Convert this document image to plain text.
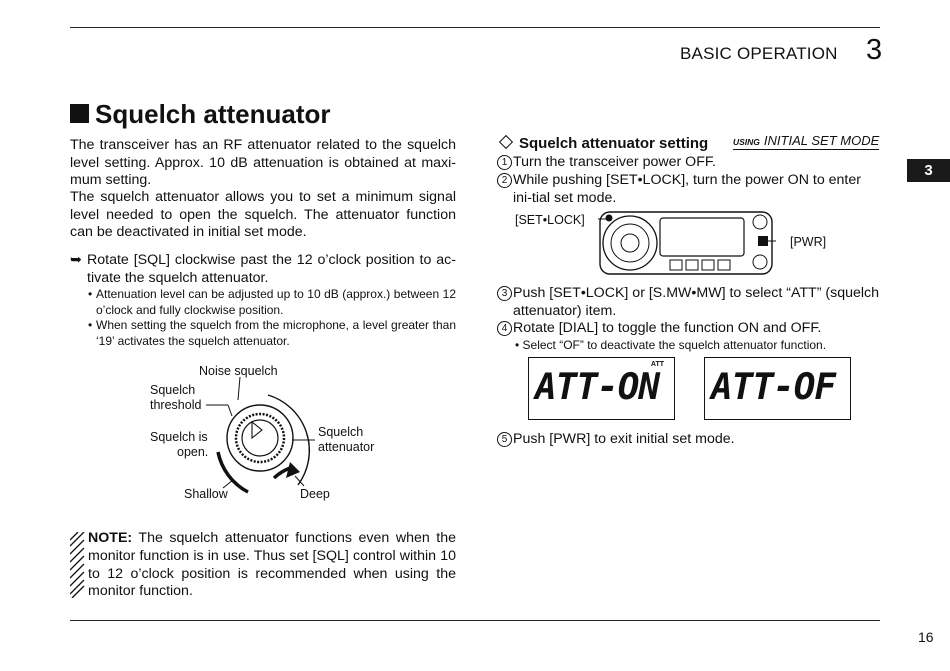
BASIC OPERATION 3
3
Squelch attenuator
The transceiver has an RF attenuator related to the squelch level setting. Approx. 10 dB attenuation is obtained at maxi-mum setting.
The squelch attenuator allows you to set a minimum signal level needed to open the squelch. The attenuator function can be deactivated in initial set mode.
➥ Rotate [SQL] clockwise past the 12 o’clock position to ac-tivate the squelch attenuator.
• Attenuation level can be adjusted up to 10 dB (approx.) between 12 o’clock and fully clockwise position.
• When setting the squelch from the microphone, a level greater than ‘19’ activates the squelch attenuator.
Noise squelch
Squelch
threshold
Squelch is
open.
Squelch
attenuator
Shallow	Deep
NOTE: The squelch attenuator functions even when the monitor function is in use. Thus set [SQL] control within 10 to 12 o’clock position is recommended when using the monitor function.
Squelch attenuator setting	USING INITIAL SET MODE
1 Turn the transceiver power OFF.
2 While pushing [SET•LOCK], turn the power ON to enter ini-tial set mode.
[SET•LOCK]
[PWR]
3 Push [SET•LOCK] or [S.MW•MW] to select “ATT” (squelch attenuator) item.
4 Rotate [DIAL] to toggle the function ON and OFF.
• Select “OF” to deactivate the squelch attenuator function.
ATT
ATT-ON ATT-OF
5 Push [PWR] to exit initial set mode.
16
